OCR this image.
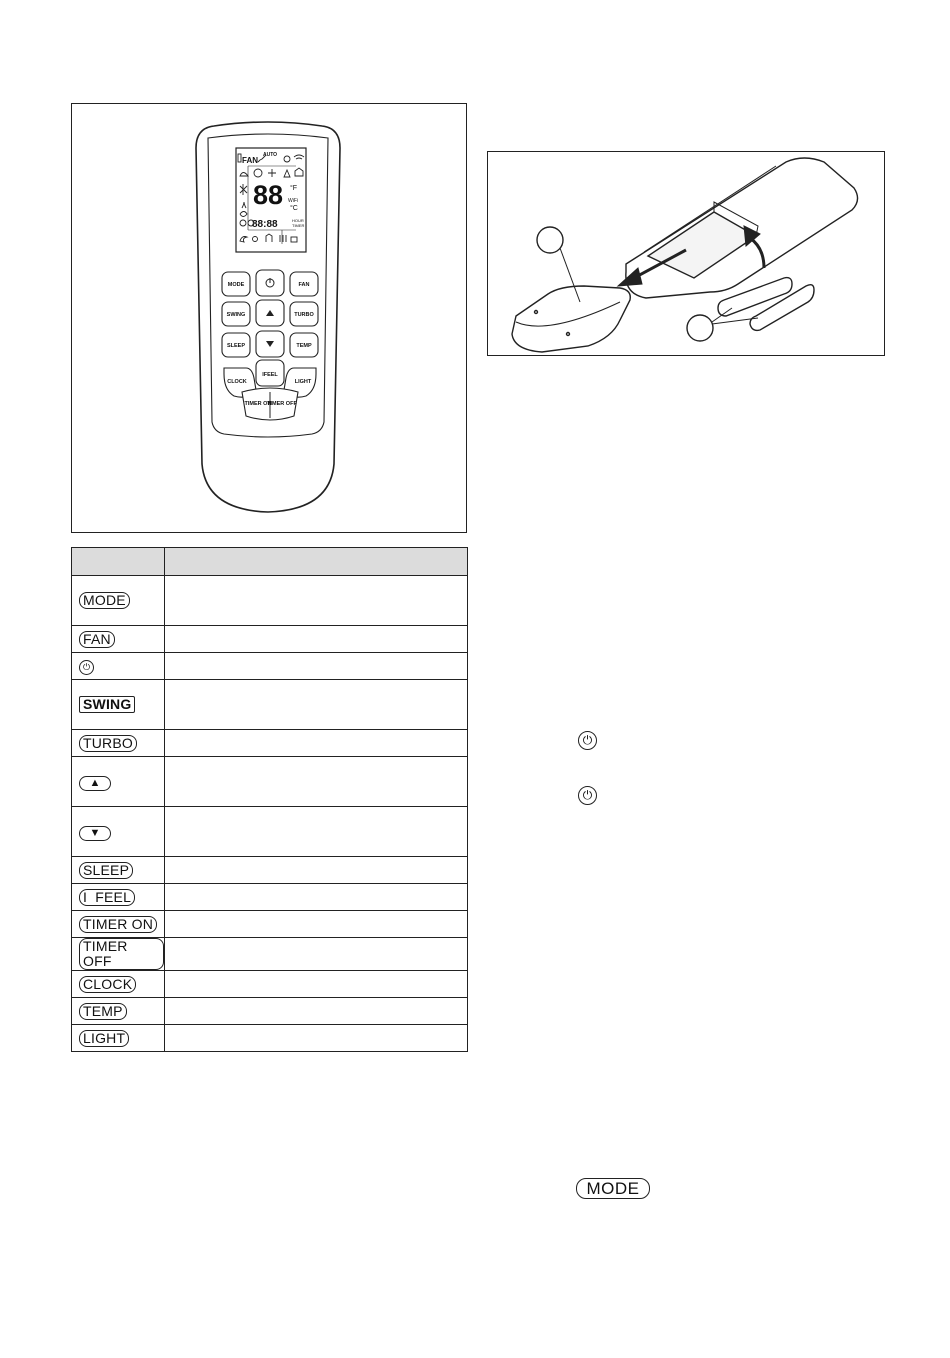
FAN
AUTO
88 °F
WiFi
°C
88:88	HOUR
TIMER
MODE	FAN
SWING	TURBO
SLEEP	TEMP
CLOCK
IFEEL
LIGHT
TIMER ON
TIMER OFF

MODE	
FAN	
⏻	
SWING	
TURBO	
▲	
▼	
SLEEP	
I  FEEL	
TIMER ON	
TIMER OFF	
CLOCK	
TEMP	
LIGHT	
⏻
⏻
MODE
